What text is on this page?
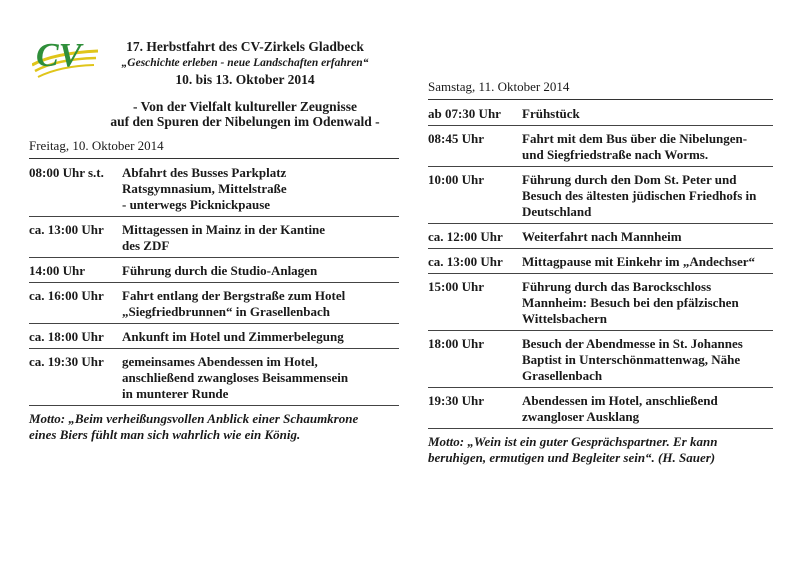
CV	17. Herbstfahrt des CV-Zirkels Gladbeck
„Geschichte erleben - neue Landschaften erfahren“
10. bis 13. Oktober 2014
- Von der Vielfalt kultureller Zeugnisse
auf den Spuren der Nibelungen im Odenwald -
Freitag, 10. Oktober 2014
08:00 Uhr s.t.	Abfahrt des Busses Parkplatz
Ratsgymnasium, Mittelstraße
- unterwegs Picknickpause
ca. 13:00 Uhr	Mittagessen in Mainz in der Kantine
des ZDF
14:00 Uhr	Führung durch die Studio-Anlagen
ca. 16:00 Uhr	Fahrt entlang der Bergstraße zum Hotel
„Siegfriedbrunnen“ in Grasellenbach
ca. 18:00 Uhr	Ankunft im Hotel und Zimmerbelegung
ca. 19:30 Uhr	gemeinsames Abendessen im Hotel,
anschließend zwangloses Beisammensein
in munterer Runde
Motto: „Beim verheißungsvollen Anblick einer Schaumkrone
eines Biers fühlt man sich wahrlich wie ein König.
Samstag, 11. Oktober 2014
ab 07:30 Uhr	Frühstück
08:45 Uhr	Fahrt mit dem Bus über die Nibelungen-
und Siegfriedstraße nach Worms.
10:00 Uhr	Führung durch den Dom St. Peter und
Besuch des ältesten jüdischen Friedhofs in
Deutschland
ca. 12:00 Uhr	Weiterfahrt nach Mannheim
ca. 13:00 Uhr	Mittagpause mit Einkehr im „Andechser“
15:00 Uhr	Führung durch das Barockschloss
Mannheim: Besuch bei den pfälzischen
Wittelsbachern
18:00 Uhr	Besuch der Abendmesse in St. Johannes
Baptist in Unterschönmattenwag, Nähe
Grasellenbach
19:30 Uhr	Abendessen im Hotel, anschließend
zwangloser Ausklang
Motto: „Wein ist ein guter Gesprächspartner. Er kann
beruhigen, ermutigen und Begleiter sein“. (H. Sauer)
